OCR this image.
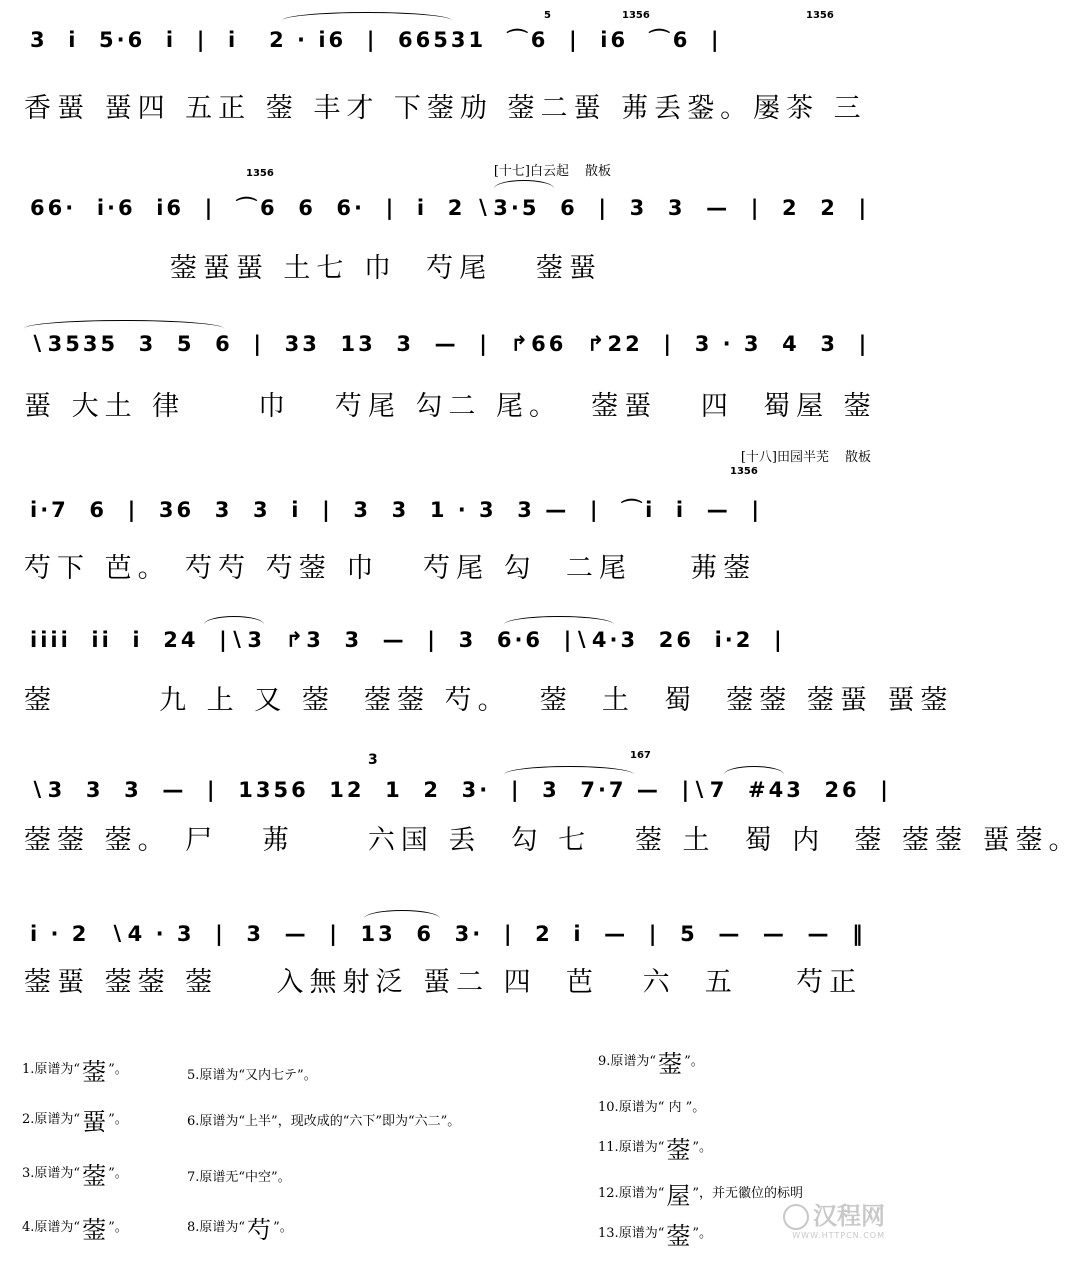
3  i  5·6  i  |  i   2 · i6  |  66531  ⌒6  |  i6  ⌒6  |
5	1356	1356
香蝁 蝁四 五正 蓥 丰才 下蓥劢 蓥二蝁 茀丢銎。屡茶 三
[十七]白云起 散板
66·  i·6  i6  |  ⌒6  6  6·  |  i  2 ∖3·5  6  |  3  3  —  |  2  2  |
1356
蓥蝁蝁 土七 巾  芍尾   蓥蝁
∖3535  3  5  6  |  33  13  3  —  |  ↱66  ↱22  |  3 · 3  4  3  |
蝁 大土 律     巾   芍尾 勾二 尾。  蓥蝁   四  蜀屋 蓥
[十八]田园半芜 散板
i·7  6  |  36  3  3  i  |  3  3  1 · 3  3 —  |  ⌒i  i  —  |
1356
芍下 芭。 芍芍 芍蓥 巾   芍尾 勾  二尾    茀蓥
iiii  ii  i  24  |∖3  ↱3  3  —  |  3  6·6  |∖4·3  26  i·2  |
蓥       九 上 又 蓥  蓥蓥 芍。  蓥  土  蜀  蓥蓥 蓥蝁 蝁蓥
∖3  3  3  —  |  1356  12  1  2  3·  |  3  7·7 —  |∖7  #43  26  |
3	167
蓥蓥 蓥。 尸   茀     六国 丢  勾 七   蓥 土  蜀 内  蓥 蓥蓥 蝁蓥。
i · 2  ∖4 · 3  |  3  —  |  13  6  3·  |  2  i  —  |  5  —  —  —  ‖
蓥蝁 蓥蓥 蓥    入無射泛 蝁二 四  芭   六  五    芍正
1.原谱为“蓥 ”。
2.原谱为“蝁 ”。
3.原谱为“蓥 ”。
4.原谱为“蓥 ”。
5.原谱为“又内七テ”。
6.原谱为“上半”，现改成的“六下”即为“六二”。
7.原谱无“中空”。
8.原谱为“芍 ”。
9.原谱为“蓥 ”。
10.原谱为“ 内 ”。
11.原谱为“蓥 ”。
12.原谱为“屋 ”，并无徽位的标明
13.原谱为“蓥 ”。
汉程网
WWW.HTTPCN.COM
